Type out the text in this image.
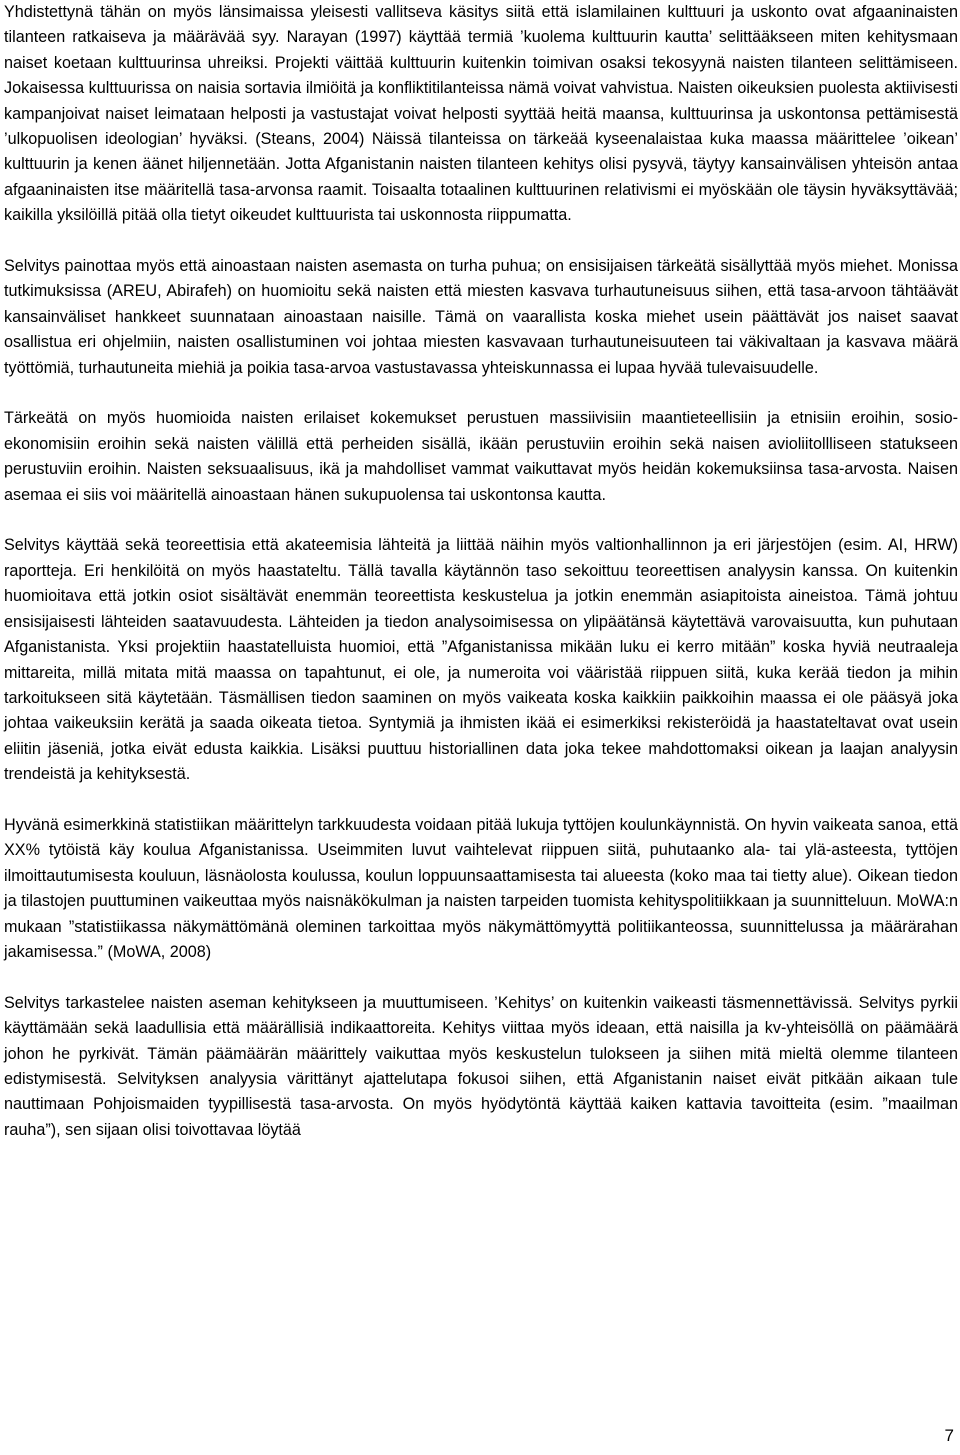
Yhdistettynä tähän on myös länsimaissa yleisesti vallitseva käsitys siitä että islamilainen kulttuuri ja uskonto ovat afgaaninaisten tilanteen ratkaiseva ja määrävää syy. Narayan (1997) käyttää termiä ’kuolema kulttuurin kautta’ selittääkseen miten kehitysmaan naiset koetaan kulttuurinsa uhreiksi. Projekti väittää kulttuurin kuitenkin toimivan osaksi tekosyynä naisten tilanteen selittämiseen. Jokaisessa kulttuurissa on naisia sortavia ilmiöitä ja konfliktitilanteissa nämä voivat vahvistua. Naisten oikeuksien puolesta aktiivisesti kampanjoivat naiset leimataan helposti ja vastustajat voivat helposti syyttää heitä maansa, kulttuurinsa ja uskontonsa pettämisestä ’ulkopuolisen ideologian’ hyväksi. (Steans, 2004) Näissä tilanteissa on tärkeää kyseenalaistaa kuka maassa määrittelee ’oikean’ kulttuurin ja kenen äänet hiljennetään. Jotta Afganistanin naisten tilanteen kehitys olisi pysyvä, täytyy kansainvälisen yhteisön antaa afgaaninaisten itse määritellä tasa-arvonsa raamit. Toisaalta totaalinen kulttuurinen relativismi ei myöskään ole täysin hyväksyttävää; kaikilla yksilöillä pitää olla tietyt oikeudet kulttuurista tai uskonnosta riippumatta.

Selvitys painottaa myös että ainoastaan naisten asemasta on turha puhua; on ensisijaisen tärkeätä sisällyttää myös miehet. Monissa tutkimuksissa (AREU, Abirafeh) on huomioitu sekä naisten että miesten kasvava turhautuneisuus siihen, että tasa-arvoon tähtäävät kansainväliset hankkeet suunnataan ainoastaan naisille. Tämä on vaarallista koska miehet usein päättävät jos naiset saavat osallistua eri ohjelmiin, naisten osallistuminen voi johtaa miesten kasvavaan turhautuneisuuteen tai väkivaltaan ja kasvava määrä työttömiä, turhautuneita miehiä ja poikia tasa-arvoa vastustavassa yhteiskunnassa ei lupaa hyvää tulevaisuudelle.

Tärkeätä on myös huomioida naisten erilaiset kokemukset perustuen massiivisiin maantieteellisiin ja etnisiin eroihin, sosio-ekonomisiin eroihin sekä naisten välillä että perheiden sisällä, ikään perustuviin eroihin sekä naisen avioliitollliseen statukseen perustuviin eroihin. Naisten seksuaalisuus, ikä ja mahdolliset vammat vaikuttavat myös heidän kokemuksiinsa tasa-arvosta. Naisen asemaa ei siis voi määritellä ainoastaan hänen sukupuolensa tai uskontonsa kautta.

Selvitys käyttää sekä teoreettisia että akateemisia lähteitä ja liittää näihin myös valtionhallinnon ja eri järjestöjen (esim. AI, HRW) raportteja. Eri henkilöitä on myös haastateltu. Tällä tavalla käytännön taso sekoittuu teoreettisen analyysin kanssa. On kuitenkin huomioitava että jotkin osiot sisältävät enemmän teoreettista keskustelua ja jotkin enemmän asiapitoista aineistoa. Tämä johtuu ensisijaisesti lähteiden saatavuudesta. Lähteiden ja tiedon analysoimisessa on ylipäätänsä käytettävä varovaisuutta, kun puhutaan Afganistanista. Yksi projektiin haastatelluista huomioi, että ”Afganistanissa mikään luku ei kerro mitään” koska hyviä neutraaleja mittareita, millä mitata mitä maassa on tapahtunut, ei ole, ja numeroita voi vääristää riippuen siitä, kuka kerää tiedon ja mihin tarkoitukseen sitä käytetään. Täsmällisen tiedon saaminen on myös vaikeata koska kaikkiin paikkoihin maassa ei ole pääsyä joka johtaa vaikeuksiin kerätä ja saada oikeata tietoa. Syntymiä ja ihmisten ikää ei esimerkiksi rekisteröidä ja haastateltavat ovat usein eliitin jäseniä, jotka eivät edusta kaikkia. Lisäksi puuttuu historiallinen data joka tekee mahdottomaksi oikean ja laajan analyysin trendeistä ja kehityksestä.

Hyvänä esimerkkinä statistiikan määrittelyn tarkkuudesta voidaan pitää lukuja tyttöjen koulunkäynnistä. On hyvin vaikeata sanoa, että XX% tytöistä käy koulua Afganistanissa. Useimmiten luvut vaihtelevat riippuen siitä, puhutaanko ala- tai ylä-asteesta, tyttöjen ilmoittautumisesta kouluun, läsnäolosta koulussa, koulun loppuunsaattamisesta tai alueesta (koko maa tai tietty alue). Oikean tiedon ja tilastojen puuttuminen vaikeuttaa myös naisnäkökulman ja naisten tarpeiden tuomista kehityspolitiikkaan ja suunnitteluun. MoWA:n mukaan ”statistiikassa näkymättömänä oleminen tarkoittaa myös näkymättömyyttä politiikanteossa, suunnittelussa ja määrärahan jakamisessa.” (MoWA, 2008)

Selvitys tarkastelee naisten aseman kehitykseen ja muuttumiseen. ’Kehitys’ on kuitenkin vaikeasti täsmennettävissä. Selvitys pyrkii käyttämään sekä laadullisia että määrällisiä indikaattoreita. Kehitys viittaa myös ideaan, että naisilla ja kv-yhteisöllä on päämäärä johon he pyrkivät. Tämän päämäärän määrittely vaikuttaa myös keskustelun tulokseen ja siihen mitä mieltä olemme tilanteen edistymisestä. Selvityksen analyysia värittänyt ajattelutapa fokusoi siihen, että Afganistanin naiset eivät pitkään aikaan tule nauttimaan Pohjoismaiden tyypillisestä tasa-arvosta. On myös hyödytöntä käyttää kaiken kattavia tavoitteita (esim. ”maailman rauha”), sen sijaan olisi toivottavaa löytää

7
